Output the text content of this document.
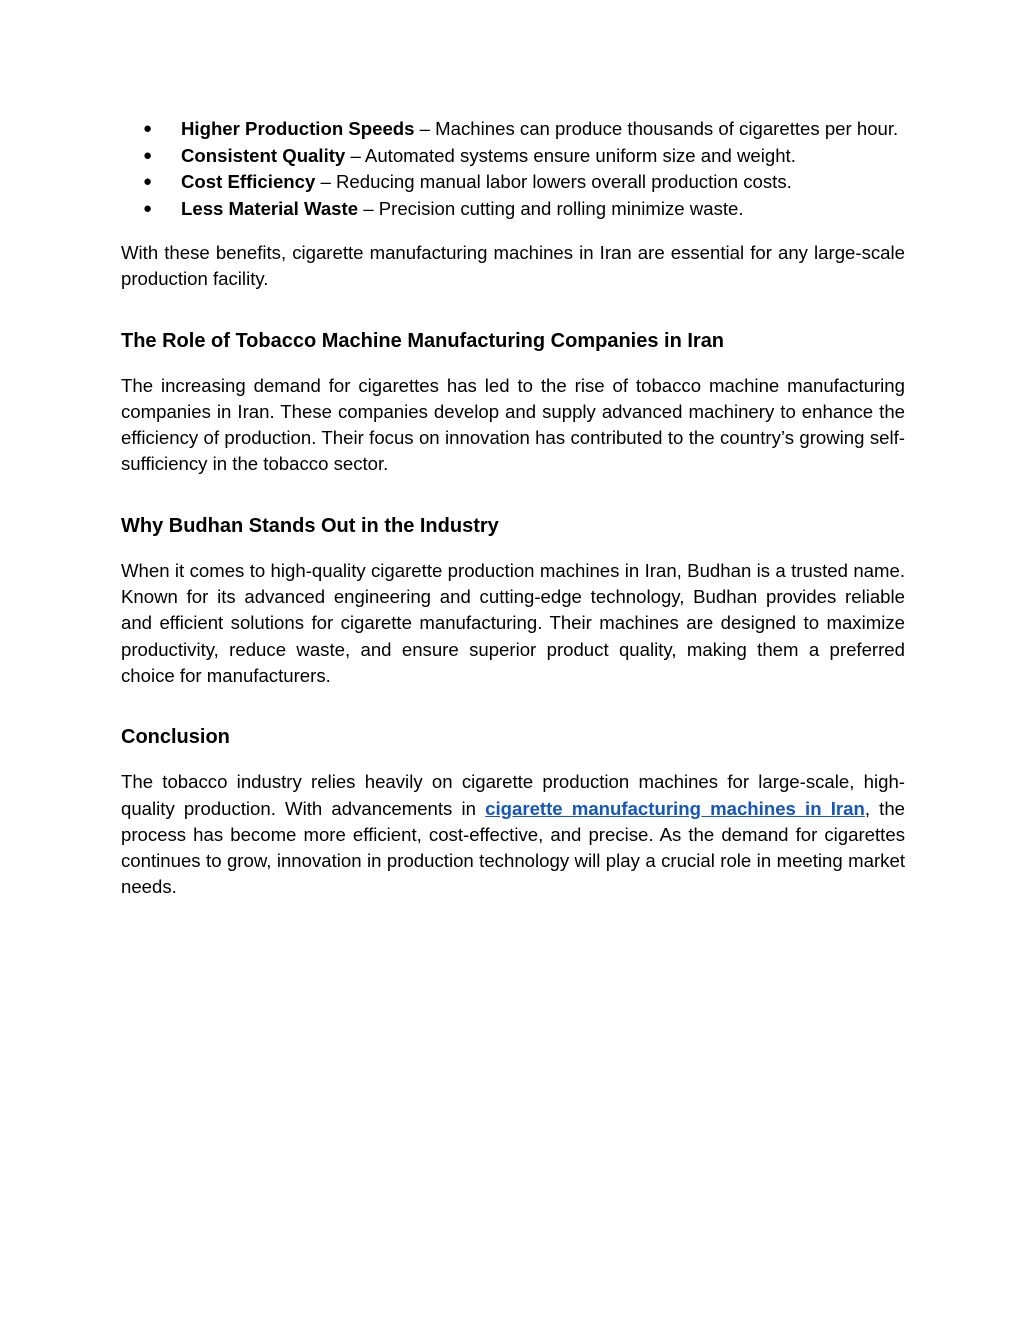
● Higher Production Speeds – Machines can produce thousands of cigarettes per hour.
● Consistent Quality – Automated systems ensure uniform size and weight.
● Cost Efficiency – Reducing manual labor lowers overall production costs.
● Less Material Waste – Precision cutting and rolling minimize waste.

With these benefits, cigarette manufacturing machines in Iran are essential for any large-scale production facility.

The Role of Tobacco Machine Manufacturing Companies in Iran

The increasing demand for cigarettes has led to the rise of tobacco machine manufacturing companies in Iran. These companies develop and supply advanced machinery to enhance the efficiency of production. Their focus on innovation has contributed to the country’s growing self-sufficiency in the tobacco sector.

Why Budhan Stands Out in the Industry

When it comes to high-quality cigarette production machines in Iran, Budhan is a trusted name. Known for its advanced engineering and cutting-edge technology, Budhan provides reliable and efficient solutions for cigarette manufacturing. Their machines are designed to maximize productivity, reduce waste, and ensure superior product quality, making them a preferred choice for manufacturers.

Conclusion

The tobacco industry relies heavily on cigarette production machines for large-scale, high-quality production. With advancements in cigarette manufacturing machines in Iran, the process has become more efficient, cost-effective, and precise. As the demand for cigarettes continues to grow, innovation in production technology will play a crucial role in meeting market needs.
